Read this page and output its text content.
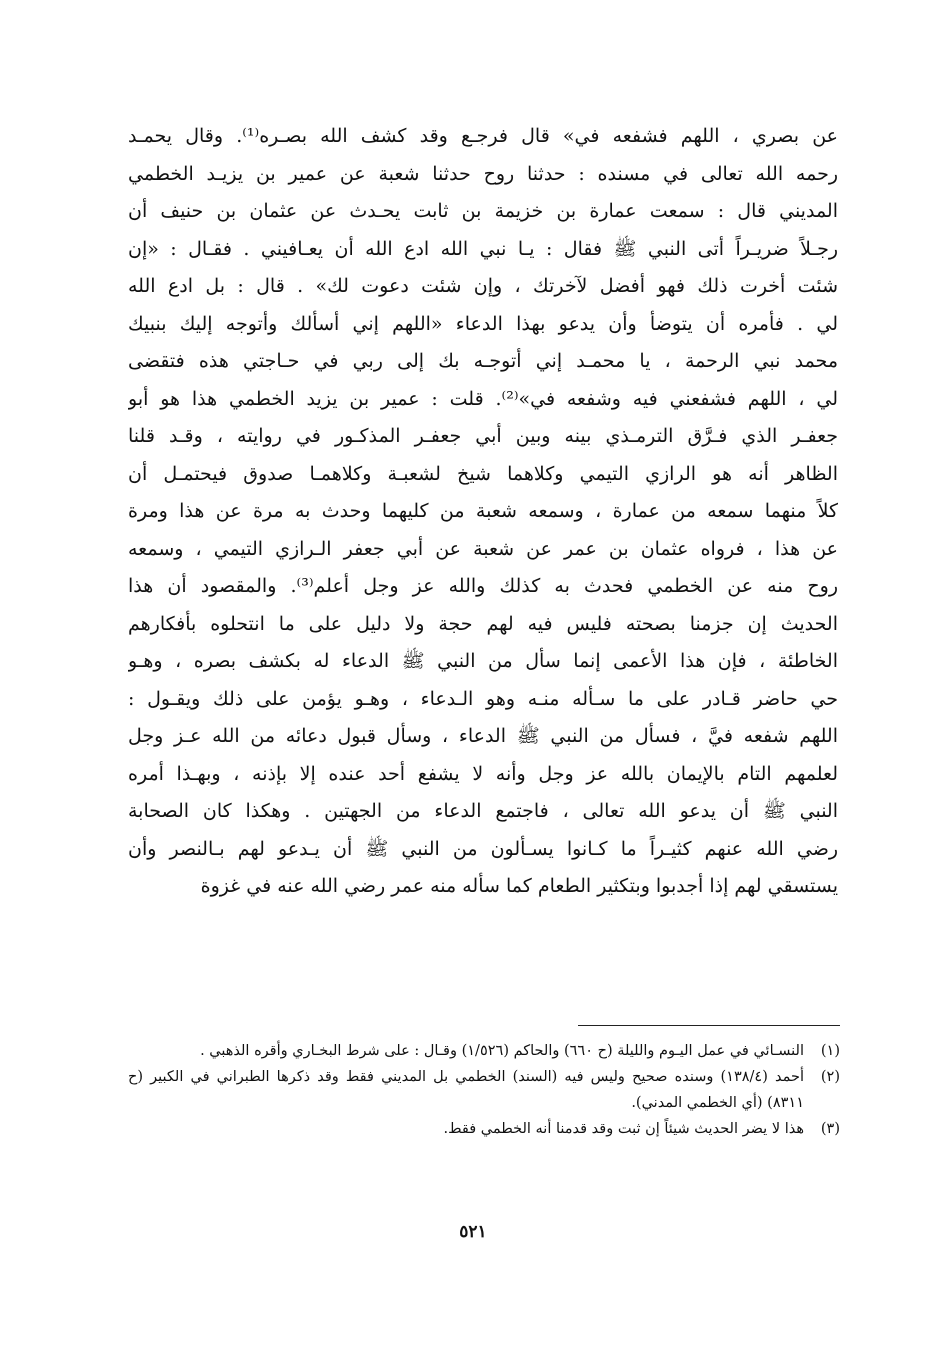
عن بصري ، اللهم فشفعه في» قال فرجـع وقد كشف الله بصـره⁽¹⁾. وقال يحمـد
رحمه الله تعالى في مسنده : حدثنا روح حدثنا شعبة عن عمير بن يزيـد الخطمي
المديني قال : سمعت عمارة بن خزيمة بن ثابت يحـدث عن عثمان بن حنيف أن
رجـلاً ضريـراً أتى النبي ﷺ فقال : يـا نبي الله ادع الله أن يعـافيني . فقـال : «إن
شئت أخرت ذلك فهو أفضل لآخرتك ، وإن شئت دعوت لك» . قال : بل ادع الله
لي . فأمره أن يتوضأ وأن يدعو بهذا الدعاء «اللهم إني أسألك وأتوجه إليك بنبيك
محمد نبي الرحمة ، يا محمـد إني أتوجـه بك إلى ربي في حـاجتي هذه فتقضى
لي ، اللهم فشفعني فيه وشفعه في»⁽²⁾. قلت : عمير بن يزيد الخطمي هذا هو أبو
جعفـر الذي فـرَّق الترمـذي بينه وبين أبي جعفـر المذكـور في روايته ، وقـد قلنا
الظاهر أنه هو الرازي التيمي وكلاهما شيخ لشعبـة وكلاهمـا صدوق فيحتمـل أن
كلاً منهما سمعه من عمارة ، وسمعه شعبة من كليهما وحدث به مرة عن هذا ومرة
عن هذا ، فرواه عثمان بن عمر عن شعبة عن أبي جعفر الـرازي التيمي ، وسمعه
روح منه عن الخطمي فحدث به كذلك والله عز وجل أعلم⁽³⁾. والمقصود أن هذا
الحديث إن جزمنا بصحته فليس فيه لهم حجة ولا دليل على ما انتحلوه بأفكارهم
الخاطئة ، فإن هذا الأعمى إنما سأل من النبي ﷺ الدعاء له بكشف بصره ، وهـو
حي حاضر قـادر على ما سـأله منـه وهو الـدعاء ، وهـو يؤمن على ذلك ويقـول :
اللهم شفعه فيَّ ، فسأل من النبي ﷺ الدعاء ، وسأل قبول دعائه من الله عـز وجل
لعلمهم التام بالإيمان بالله عز وجل وأنه لا يشفع أحد عنده إلا بإذنه ، وبهـذا أمره
النبي ﷺ أن يدعو الله تعالى ، فاجتمع الدعاء من الجهتين . وهكذا كان الصحابة
رضي الله عنهم كثيـراً ما كـانوا يسـألون من النبي ﷺ أن يـدعو لهم بـالنصر وأن
يستسقي لهم إذا أجدبوا وبتكثير الطعام كما سأله منه عمر رضي الله عنه في غزوة
(١)
النسـائي في عمل اليـوم والليلة (ح ٦٦٠) والحاكم (١/٥٢٦) وقـال : على شرط البخـاري وأقره الذهبي .
(٢)
أحمد (١٣٨/٤) وسنده صحيح وليس فيه (السند) الخطمي بل المديني فقط وقد ذكرها الطبراني في الكبير (ح ٨٣١١) (أي الخطمي المدني).
(٣)
هذا لا يضر الحديث شيئاً إن ثبت وقد قدمنا أنه الخطمي فقط.
٥٢١
